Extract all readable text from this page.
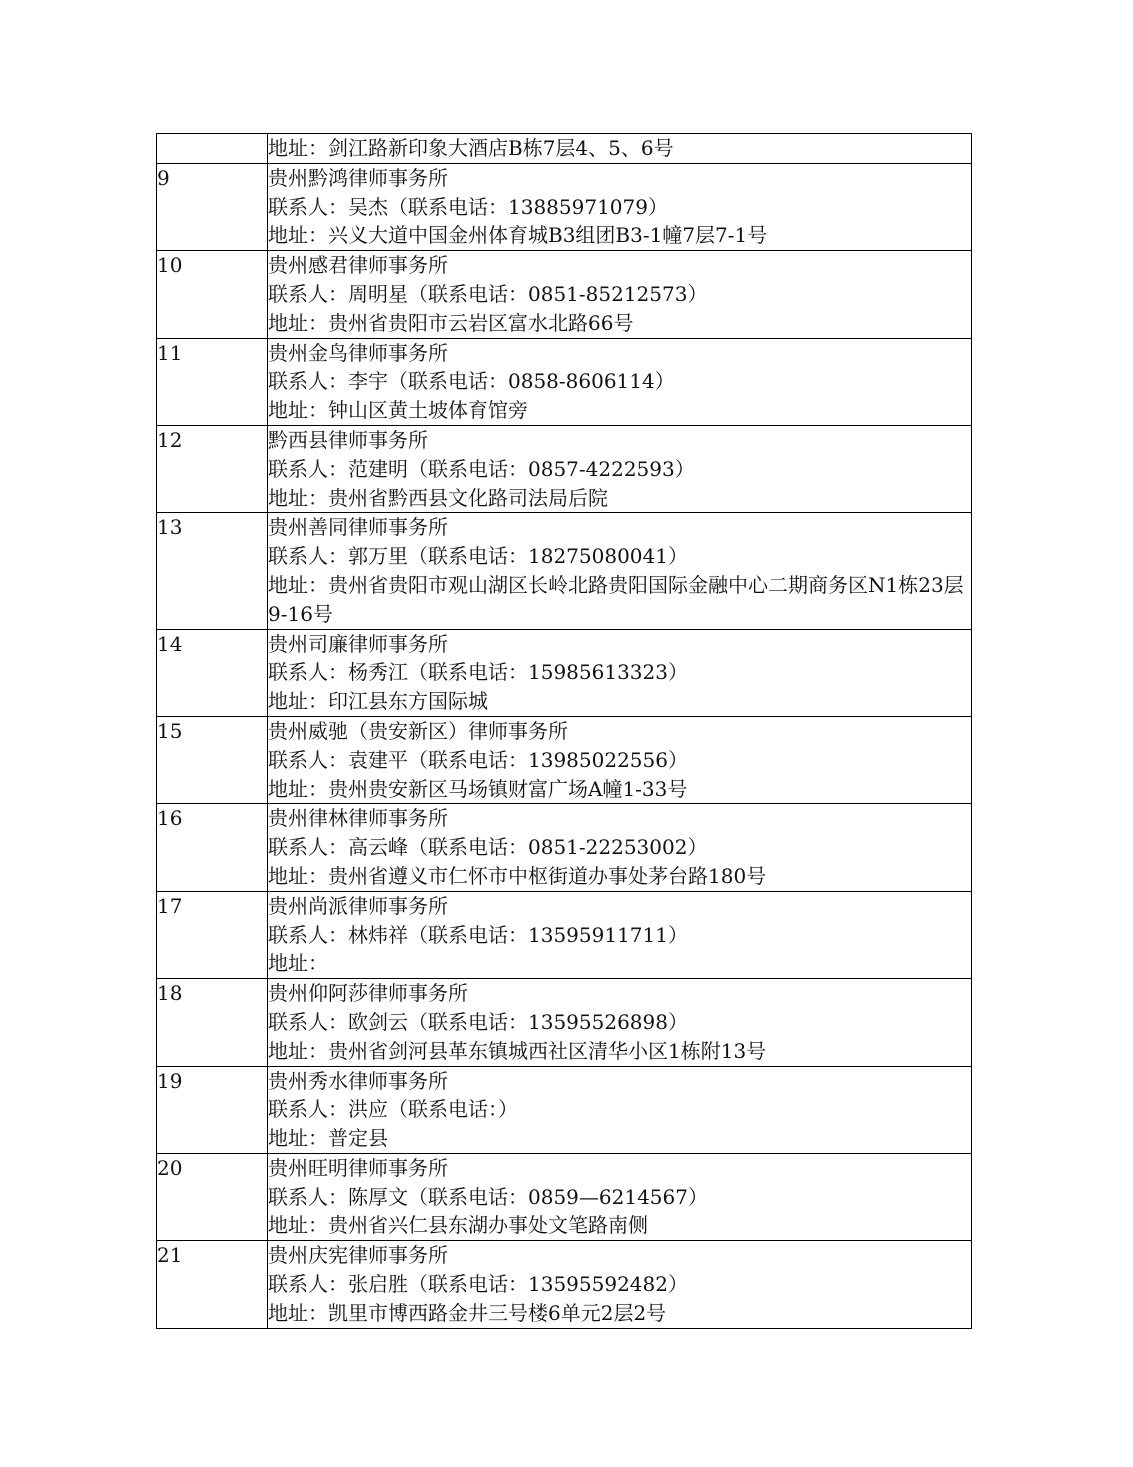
	地址：剑江路新印象大酒店B栋7层4、5、6号

9	贵州黔鸿律师事务所
联系人：吴杰（联系电话：13885971079）
地址：兴义大道中国金州体育城B3组团B3-1幢7层7-1号

10	贵州感君律师事务所
联系人：周明星（联系电话：0851-85212573）
地址：贵州省贵阳市云岩区富水北路66号

11	贵州金鸟律师事务所
联系人：李宇（联系电话：0858-8606114）
地址：钟山区黄土坡体育馆旁

12	黔西县律师事务所
联系人：范建明（联系电话：0857-4222593）
地址：贵州省黔西县文化路司法局后院

13	贵州善同律师事务所
联系人：郭万里（联系电话：18275080041）
地址：贵州省贵阳市观山湖区长岭北路贵阳国际金融中心二期商务区N1栋23层9-16号

14	贵州司廉律师事务所
联系人：杨秀江（联系电话：15985613323）
地址：印江县东方国际城

15	贵州威驰（贵安新区）律师事务所
联系人：袁建平（联系电话：13985022556）
地址：贵州贵安新区马场镇财富广场A幢1-33号

16	贵州律林律师事务所
联系人：高云峰（联系电话：0851-22253002）
地址：贵州省遵义市仁怀市中枢街道办事处茅台路180号

17	贵州尚派律师事务所
联系人：林炜祥（联系电话：13595911711）
地址：

18	贵州仰阿莎律师事务所
联系人：欧剑云（联系电话：13595526898）
地址：贵州省剑河县革东镇城西社区清华小区1栋附13号

19	贵州秀水律师事务所
联系人：洪应（联系电话：）
地址：普定县

20	贵州旺明律师事务所
联系人：陈厚文（联系电话：0859—6214567）
地址：贵州省兴仁县东湖办事处文笔路南侧

21	贵州庆宪律师事务所
联系人：张启胜（联系电话：13595592482）
地址：凯里市博西路金井三号楼6单元2层2号
